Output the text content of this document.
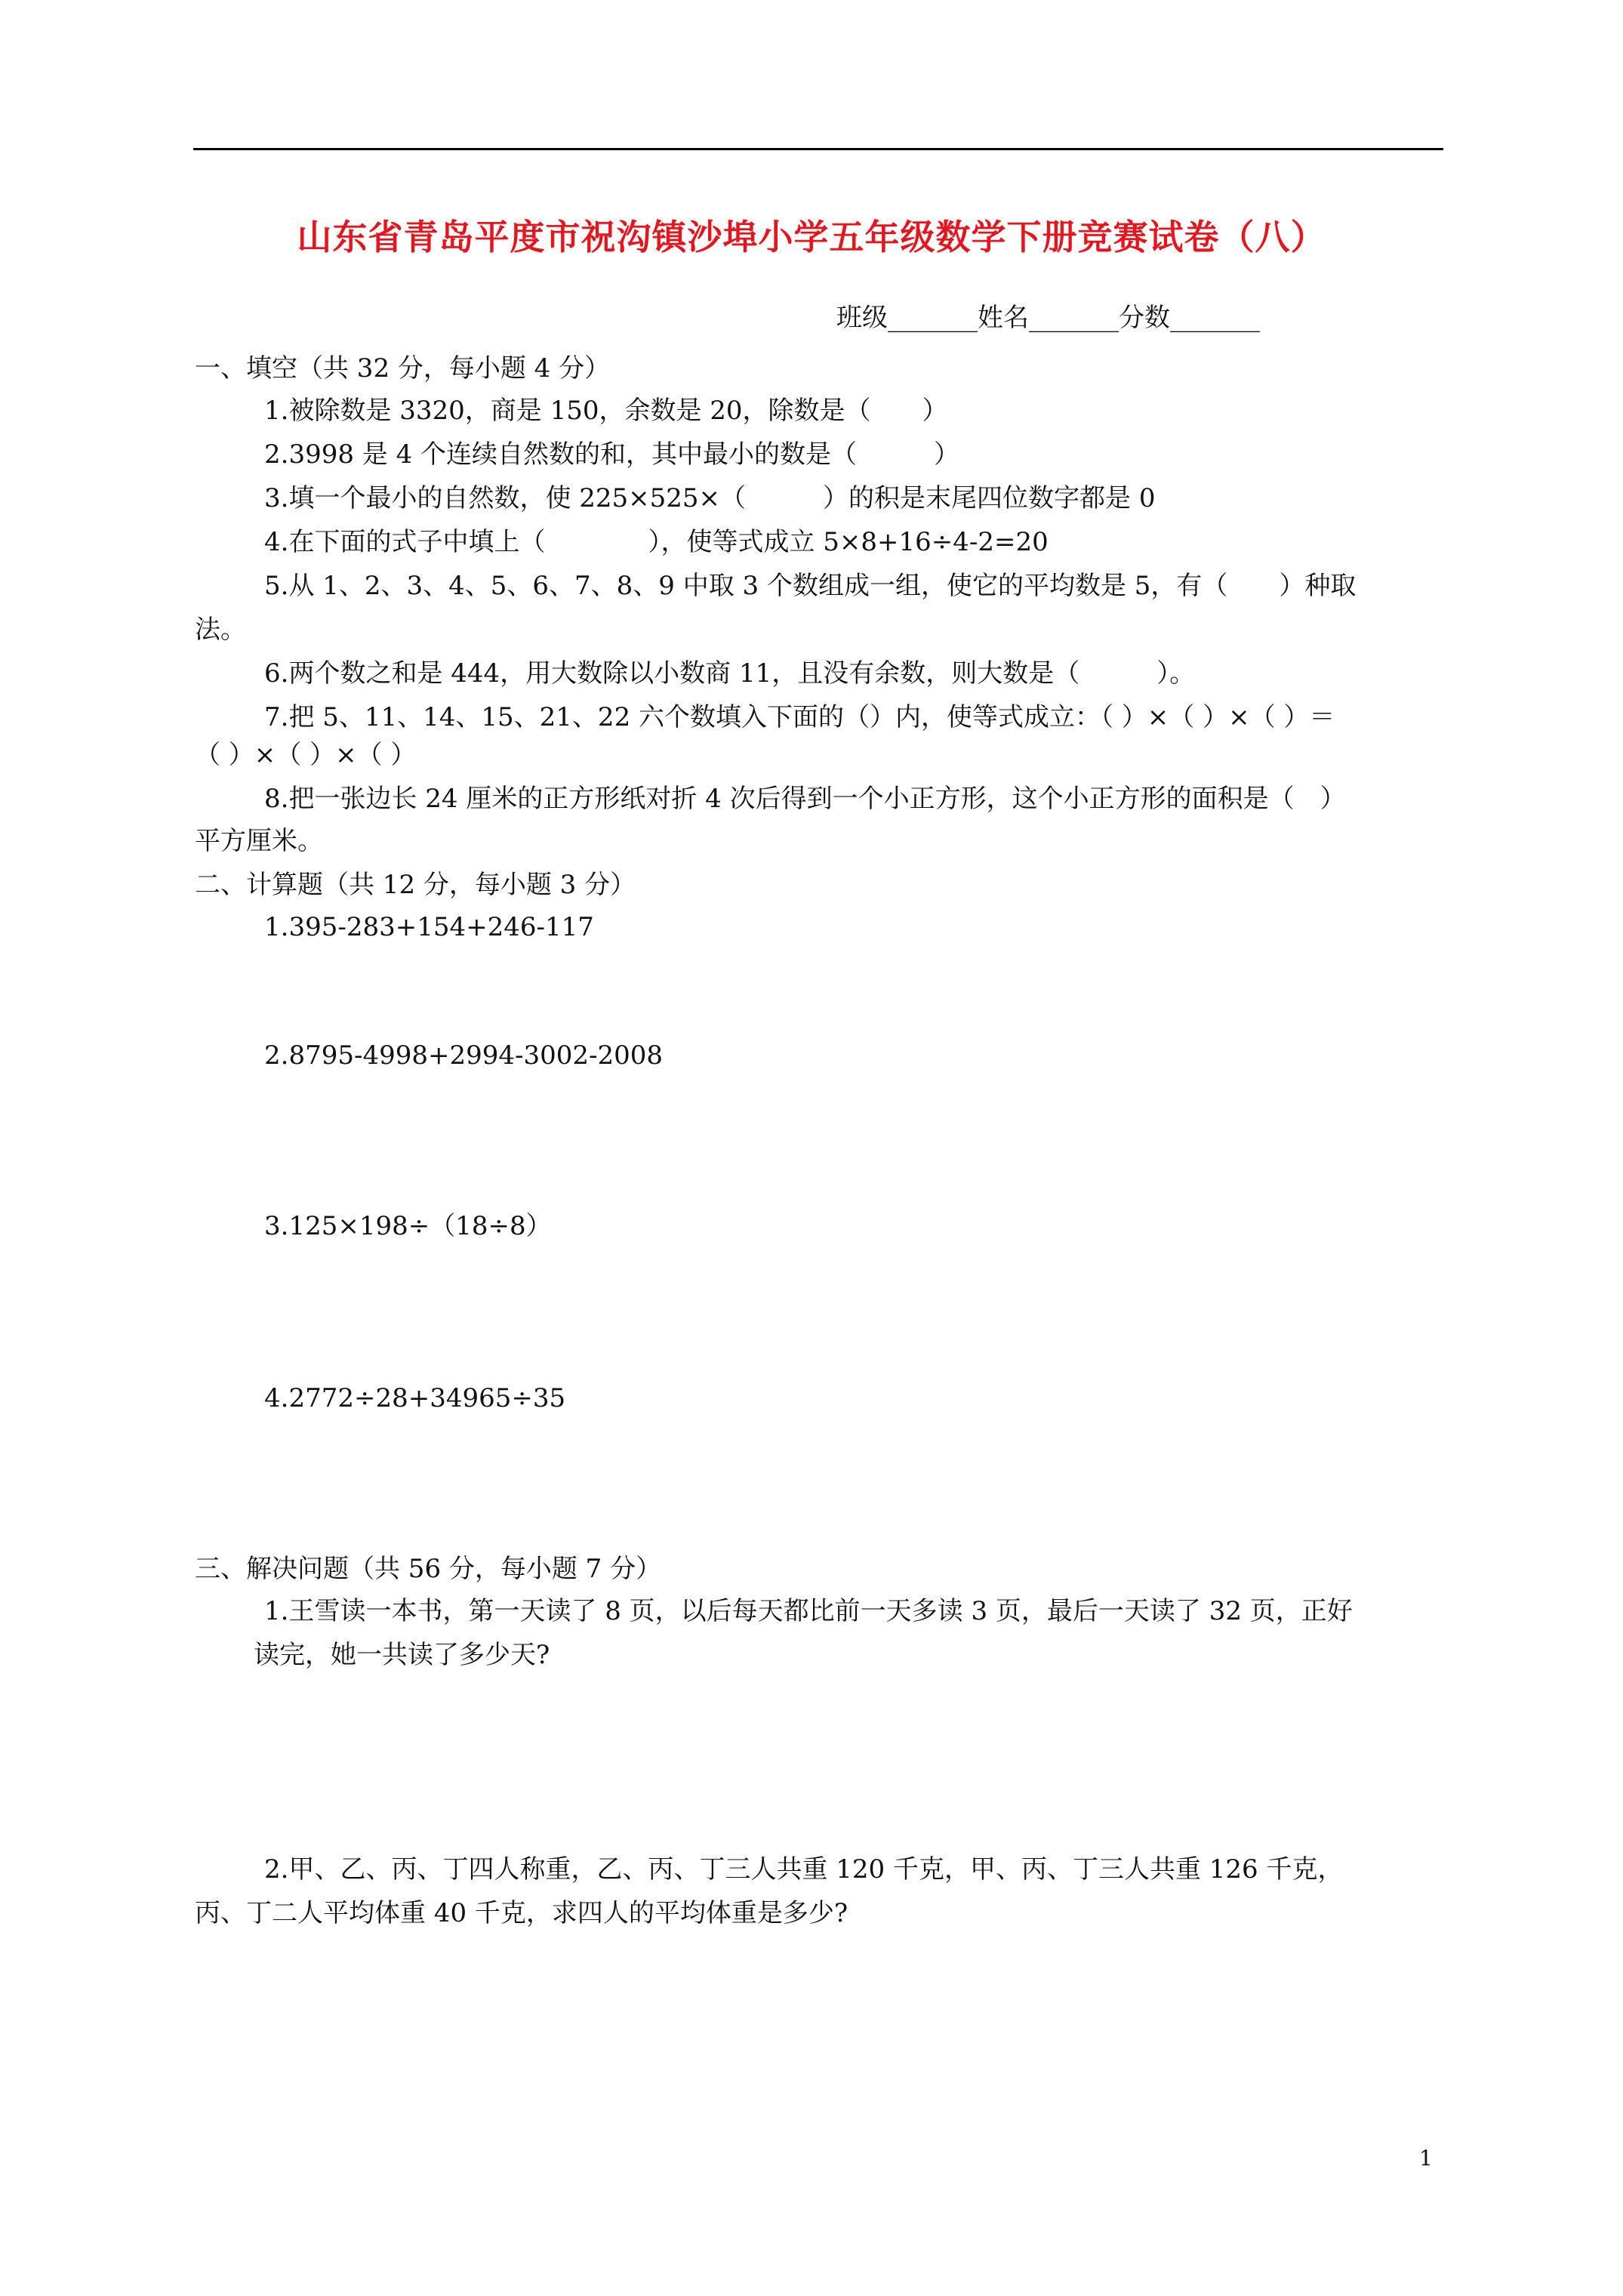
山东省青岛平度市祝沟镇沙埠小学五年级数学下册竞赛试卷（八）
班级_______姓名_______分数_______
一、填空（共 32 分，每小题 4 分）
1.被除数是 3320，商是 150，余数是 20，除数是（　　）
2.3998 是 4 个连续自然数的和，其中最小的数是（　　　）
3.填一个最小的自然数，使 225×525×（　　　）的积是末尾四位数字都是 0
4.在下面的式子中填上（　　　　），使等式成立 5×8+16÷4-2=20
5.从 1、2、3、4、5、6、7、8、9 中取 3 个数组成一组，使它的平均数是 5，有（　　）种取
法。
6.两个数之和是 444，用大数除以小数商 11，且没有余数，则大数是（　　　）。
7.把 5、11、14、15、21、22 六个数填入下面的（）内，使等式成立：（ ）×（ ）×（ ）＝
（ ）×（ ）×（ ）
8.把一张边长 24 厘米的正方形纸对折 4 次后得到一个小正方形，这个小正方形的面积是（　）
平方厘米。
二、计算题（共 12 分，每小题 3 分）
1.395-283+154+246-117
2.8795-4998+2994-3002-2008
3.125×198÷（18÷8）
4.2772÷28+34965÷35
三、解决问题（共 56 分，每小题 7 分）
1.王雪读一本书，第一天读了 8 页，以后每天都比前一天多读 3 页，最后一天读了 32 页，正好
读完，她一共读了多少天?
2.甲、乙、丙、丁四人称重，乙、丙、丁三人共重 120 千克，甲、丙、丁三人共重 126 千克，
丙、丁二人平均体重 40 千克，求四人的平均体重是多少?
1
